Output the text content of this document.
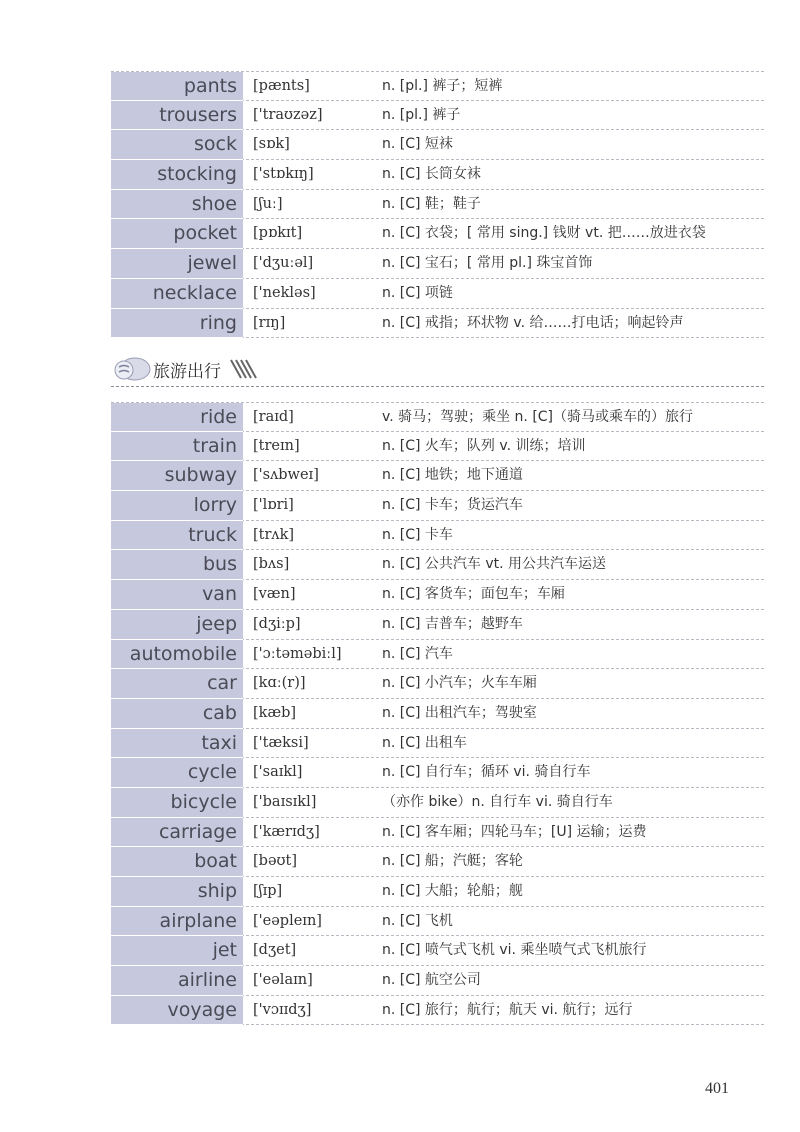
pants	[pænts]	n. [pl.] 裤子；短裤
trousers	['traʊzəz]	n. [pl.] 裤子
sock	[sɒk]	n. [C] 短袜
stocking	['stɒkɪŋ]	n. [C] 长筒女袜
shoe	[ʃuː]	n. [C] 鞋；鞋子
pocket	[pɒkɪt]	n. [C] 衣袋；[ 常用 sing.] 钱财 vt. 把……放进衣袋
jewel	['dʒuːəl]	n. [C] 宝石；[ 常用 pl.] 珠宝首饰
necklace	['nekləs]	n. [C] 项链
ring	[rɪŋ]	n. [C] 戒指；环状物 v. 给……打电话；响起铃声
旅游出行
ride	[raɪd]	v. 骑马；驾驶；乘坐 n. [C]（骑马或乘车的）旅行
train	[treɪn]	n. [C] 火车；队列 v. 训练；培训
subway	['sʌbweɪ]	n. [C] 地铁；地下通道
lorry	['lɒri]	n. [C] 卡车；货运汽车
truck	[trʌk]	n. [C] 卡车
bus	[bʌs]	n. [C] 公共汽车 vt. 用公共汽车运送
van	[væn]	n. [C] 客货车；面包车；车厢
jeep	[dʒiːp]	n. [C] 吉普车；越野车
automobile	['ɔːtəməbiːl]	n. [C] 汽车
car	[kɑː(r)]	n. [C] 小汽车；火车车厢
cab	[kæb]	n. [C] 出租汽车；驾驶室
taxi	['tæksi]	n. [C] 出租车
cycle	['saɪkl]	n. [C] 自行车；循环 vi. 骑自行车
bicycle	['baɪsɪkl]	（亦作 bike）n. 自行车 vi. 骑自行车
carriage	['kærɪdʒ]	n. [C] 客车厢；四轮马车；[U] 运输；运费
boat	[bəʊt]	n. [C] 船；汽艇；客轮
ship	[ʃɪp]	n. [C] 大船；轮船；舰
airplane	['eəpleɪn]	n. [C] 飞机
jet	[dʒet]	n. [C] 喷气式飞机 vi. 乘坐喷气式飞机旅行
airline	['eəlaɪn]	n. [C] 航空公司
voyage	['vɔɪɪdʒ]	n. [C] 旅行；航行；航天 vi. 航行；远行
401
